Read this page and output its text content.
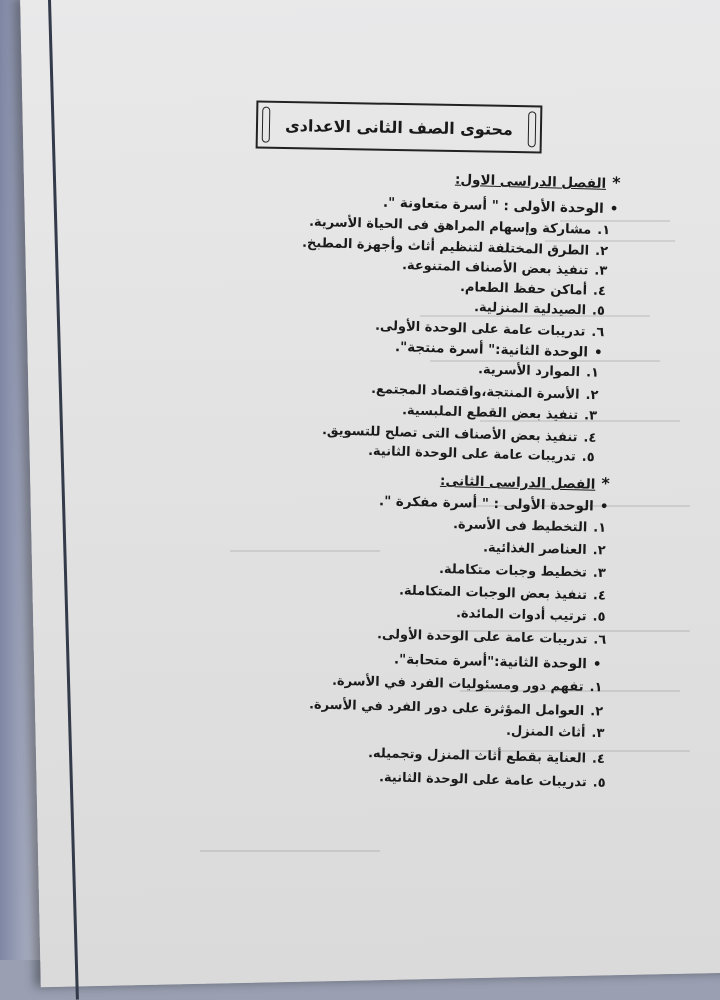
محتوى الصف الثانى الاعدادى
*الفصل الدراسى الاول:
•الوحدة الأولى : " أسرة متعاونة ".
١.مشاركة وإسهام المراهق فى الحياة الأسرية.
٢.الطرق المختلفة لتنظيم أثاث وأجهزة المطبخ.
٣.تنفيذ بعض الأصناف المتنوعة.
٤.أماكن حفظ الطعام.
٥.الصيدلية المنزلية.
٦.تدريبات عامة على الوحدة الأولى.
•الوحدة الثانية:" أسرة منتجة".
١.الموارد الأسرية.
٢.الأسرة المنتجة،واقتصاد المجتمع.
٣.تنفيذ بعض القطع الملبسية.
٤.تنفيذ بعض الأصناف التى تصلح للتسويق.
٥.تدريبات عامة على الوحدة الثانية.
*الفصل الدراسى الثانى:
•الوحدة الأولى : " أسرة مفكرة ".
١.التخطيط فى الأسرة.
٢.العناصر الغذائية.
٣.تخطيط وجبات متكاملة.
٤.تنفيذ بعض الوجبات المتكاملة.
٥.ترتيب أدوات المائدة.
٦.تدريبات عامة على الوحدة الأولى.
•الوحدة الثانية:"أسرة متحابة".
١.تفهم دور ومسئوليات الفرد في الأسرة.
٢.العوامل المؤثرة على دور الفرد في الأسرة.
٣.أثاث المنزل.
٤.العناية بقطع أثاث المنزل وتجميله.
٥.تدريبات عامة على الوحدة الثانية.
